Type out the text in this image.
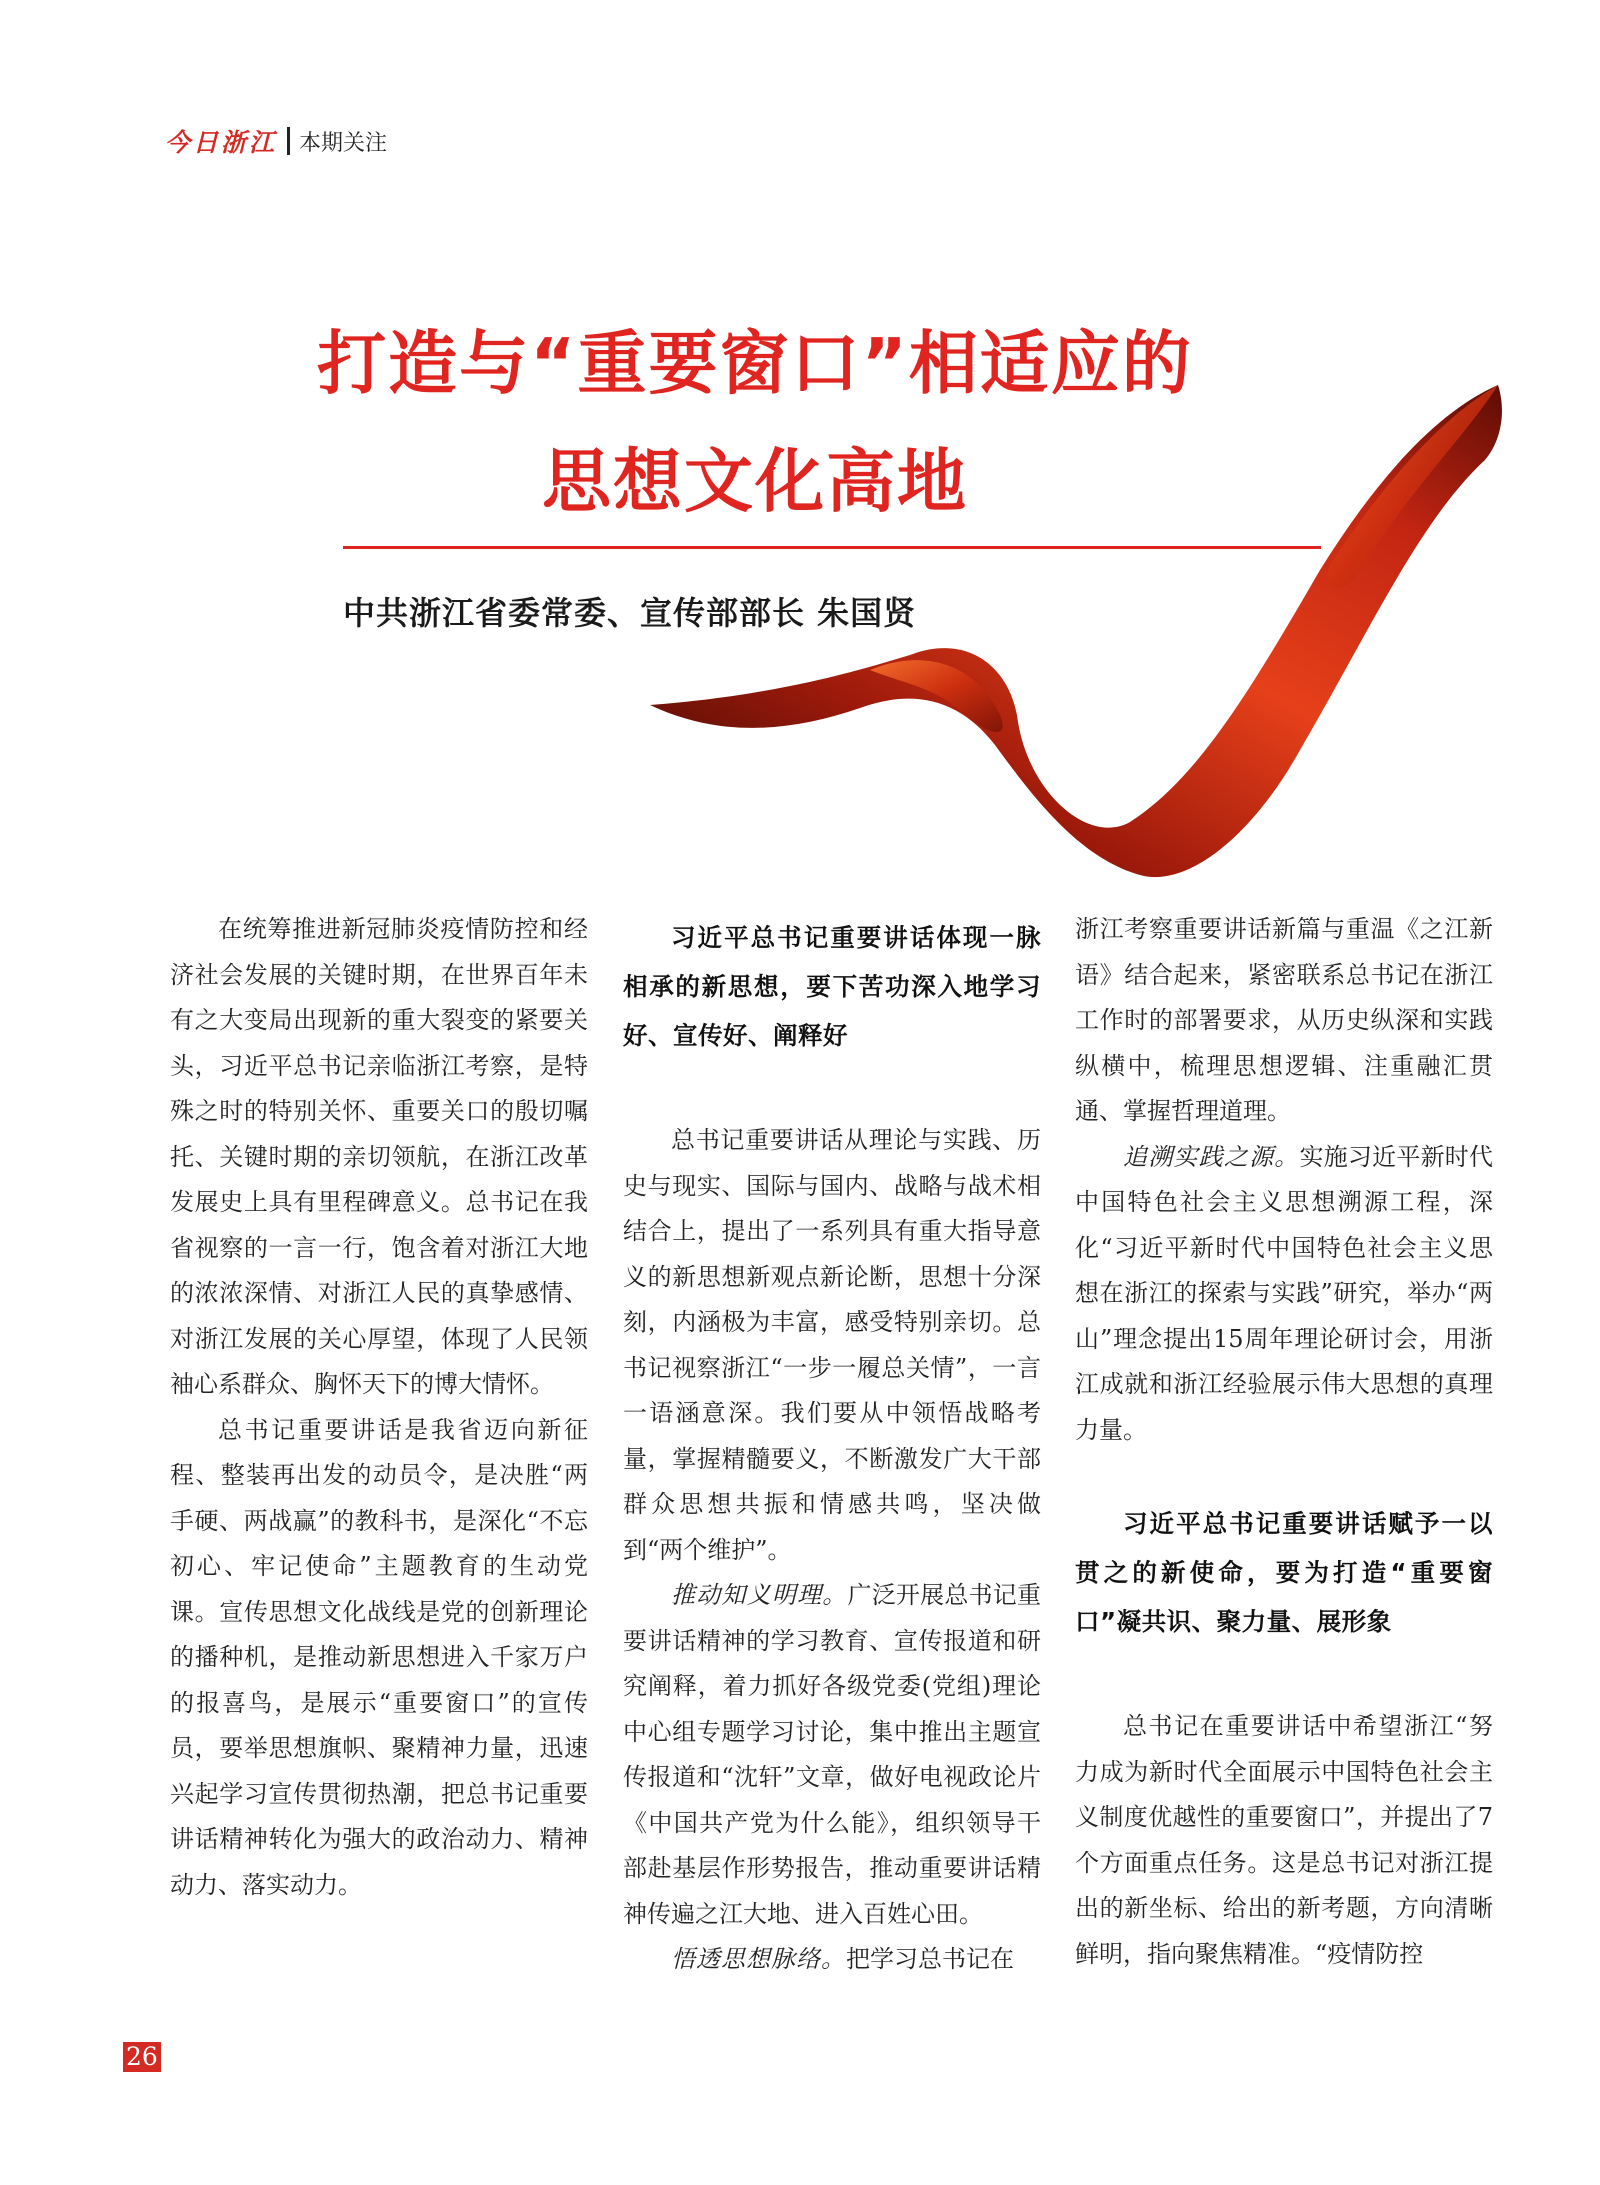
今日浙江 本期关注
打造与“重要窗口”相适应的
思想文化高地
中共浙江省委常委、宣传部部长 朱国贤

在统筹推进新冠肺炎疫情防控和经济社会发展的关键时期，在世界百年未有之大变局出现新的重大裂变的紧要关头，习近平总书记亲临浙江考察，是特殊之时的特别关怀、重要关口的殷切嘱托、关键时期的亲切领航，在浙江改革发展史上具有里程碑意义。总书记在我省视察的一言一行，饱含着对浙江大地的浓浓深情、对浙江人民的真挚感情、对浙江发展的关心厚望，体现了人民领袖心系群众、胸怀天下的博大情怀。

总书记重要讲话是我省迈向新征程、整装再出发的动员令，是决胜“两手硬、两战赢”的教科书，是深化“不忘初心、牢记使命”主题教育的生动党课。宣传思想文化战线是党的创新理论的播种机，是推动新思想进入千家万户的报喜鸟，是展示“重要窗口”的宣传员，要举思想旗帜、聚精神力量，迅速兴起学习宣传贯彻热潮，把总书记重要讲话精神转化为强大的政治动力、精神动力、落实动力。

习近平总书记重要讲话体现一脉相承的新思想，要下苦功深入地学习好、宣传好、阐释好

总书记重要讲话从理论与实践、历史与现实、国际与国内、战略与战术相结合上，提出了一系列具有重大指导意义的新思想新观点新论断，思想十分深刻，内涵极为丰富，感受特别亲切。总书记视察浙江“一步一履总关情”，一言一语涵意深。我们要从中领悟战略考量，掌握精髓要义，不断激发广大干部群众思想共振和情感共鸣，坚决做到“两个维护”。

推动知义明理。广泛开展总书记重要讲话精神的学习教育、宣传报道和研究阐释，着力抓好各级党委(党组)理论中心组专题学习讨论，集中推出主题宣传报道和“沈轩”文章，做好电视政论片《中国共产党为什么能》，组织领导干部赴基层作形势报告，推动重要讲话精神传遍之江大地、进入百姓心田。

悟透思想脉络。把学习总书记在

浙江考察重要讲话新篇与重温《之江新语》结合起来，紧密联系总书记在浙江工作时的部署要求，从历史纵深和实践纵横中，梳理思想逻辑、注重融汇贯通、掌握哲理道理。

追溯实践之源。实施习近平新时代中国特色社会主义思想溯源工程，深化“习近平新时代中国特色社会主义思想在浙江的探索与实践”研究，举办“两山”理念提出15周年理论研讨会，用浙江成就和浙江经验展示伟大思想的真理力量。

习近平总书记重要讲话赋予一以贯之的新使命，要为打造“重要窗口”凝共识、聚力量、展形象

总书记在重要讲话中希望浙江“努力成为新时代全面展示中国特色社会主义制度优越性的重要窗口”，并提出了7个方面重点任务。这是总书记对浙江提出的新坐标、给出的新考题，方向清晰鲜明，指向聚焦精准。“疫情防控

26
